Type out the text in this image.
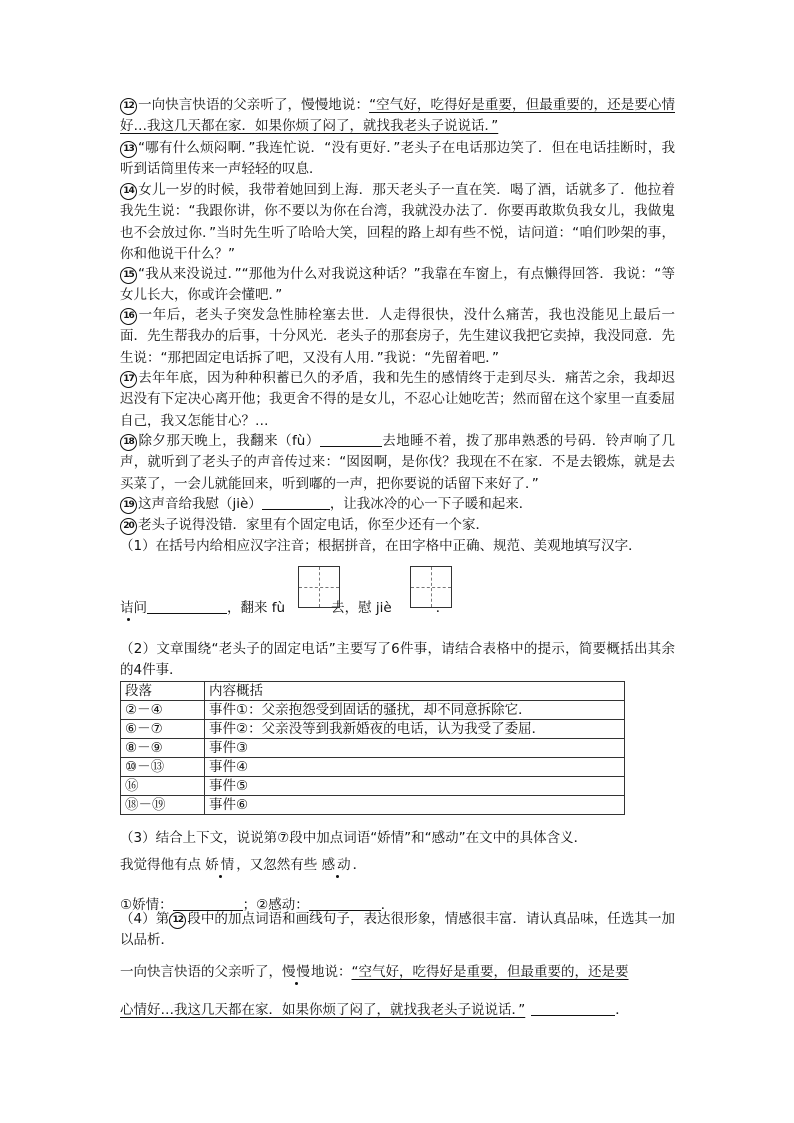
12 一向快言快语的父亲听了，慢慢地说：“空气好，吃得好是重要，但最重要的，还是要心情好…我这几天都在家．如果你烦了闷了，就找我老头子说说话．”

13 “哪有什么烦闷啊．”我连忙说．“没有更好．”老头子在电话那边笑了．但在电话挂断时，我听到话筒里传来一声轻轻的叹息．

14 女儿一岁的时候，我带着她回到上海．那天老头子一直在笑．喝了酒，话就多了．他拉着我先生说：“我跟你讲，你不要以为你在台湾，我就没办法了．你要再敢欺负我女儿，我做鬼也不会放过你．”当时先生听了哈哈大笑，回程的路上却有些不悦，诘问道：“咱们吵架的事，你和他说干什么？”

15 “我从来没说过．”“那他为什么对我说这种话？”我靠在车窗上，有点懒得回答．我说：“等女儿长大，你或许会懂吧．”

16 一年后，老头子突发急性肺栓塞去世．人走得很快，没什么痛苦，我也没能见上最后一面．先生帮我办的后事，十分风光．老头子的那套房子，先生建议我把它卖掉，我没同意．先生说：“那把固定电话拆了吧，又没有人用．”我说：“先留着吧．”

17 去年年底，因为种种积蓄已久的矛盾，我和先生的感情终于走到尽头．痛苦之余，我却迟迟没有下定决心离开他；我更舍不得的是女儿，不忍心让她吃苦；然而留在这个家里一直委屈自己，我又怎能甘心？…

18 除夕那天晚上，我翻来（fù）	去地睡不着，拨了那串熟悉的号码．铃声响了几声，就听到了老头子的声音传过来：“囡囡啊，是你伐？我现在不在家．不是去锻炼，就是去买菜了，一会儿就能回来，听到嘟的一声，把你要说的话留下来好了．”

19 这声音给我慰（jiè）	，让我冰冷的心一下子暖和起来．

20 老头子说得没错．家里有个固定电话，你至少还有一个家．

（1）在括号内给相应汉字注音；根据拼音，在田字格中正确、规范、美观地填写汉字．

诘问	，翻来 fù	去，慰 jiè	．

（2）文章围绕“老头子的固定电话”主要写了6件事，请结合表格中的提示，简要概括出其余的4件事．

段落	内容概括
②－④	事件①：父亲抱怨受到固话的骚扰，却不同意拆除它．
⑥－⑦	事件②：父亲没等到我新婚夜的电话，认为我受了委屈．
⑧－⑨	事件③
⑩－⑬	事件④
⑯	事件⑤
⑱－⑲	事件⑥

（3）结合上下文，说说第⑦段中加点词语“娇情”和“感动”在文中的具体含义．

我觉得他有点 娇情，又忽然有些 感动．
①娇情：	；②感动：	．

（4）第 12 段中的加点词语和画线句子，表达很形象，情感很丰富．请认真品味，任选其一加以品析．

一向快言快语的父亲听了，慢慢地说：“空气好，吃得好是重要，但最重要的，还是要
心情好…我这几天都在家．如果你烦了闷了，就找我老头子说说话．”	．
